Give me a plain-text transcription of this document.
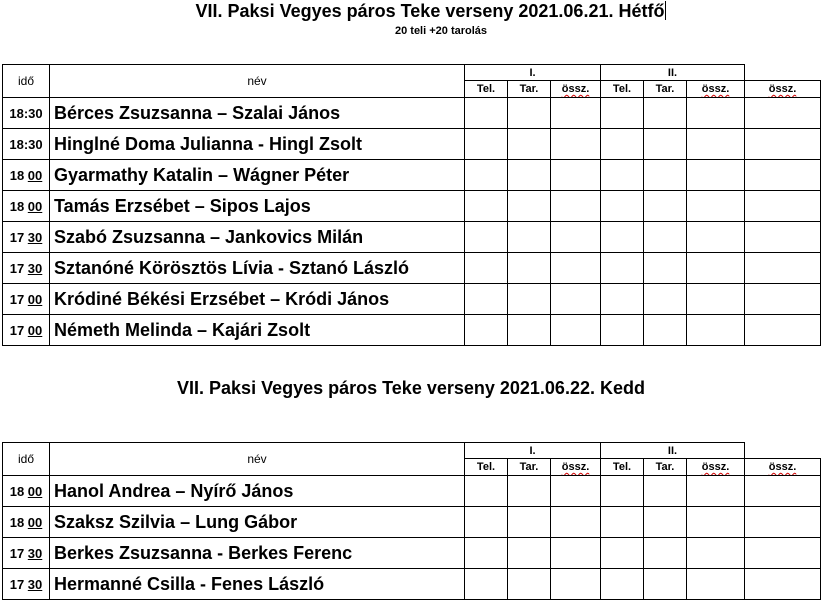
VII. Paksi Vegyes páros Teke verseny 2021.06.21. Hétfő
20 teli +20 tarolás
idő	név	I.			II.			
		Tel.	Tar.	össz.	Tel.	Tar.	össz.	össz.
18:30	Bérces Zsuzsanna – Szalai János							
18:30	Hinglné Doma Julianna - Hingl Zsolt							
18 00	Gyarmathy Katalin – Wágner Péter							
18 00	Tamás Erzsébet – Sipos Lajos							
17 30	Szabó Zsuzsanna – Jankovics Milán							
17 30	Sztanóné Körösztös Lívia - Sztanó László							
17 00	Kródiné Békési Erzsébet – Kródi János							
17 00	Németh Melinda – Kajári Zsolt							
VII. Paksi Vegyes páros Teke verseny 2021.06.22. Kedd
idő	név	I.			II.			
		Tel.	Tar.	össz.	Tel.	Tar.	össz.	össz.
18 00	Hanol Andrea – Nyírő János							
18 00	Szaksz Szilvia – Lung Gábor							
17 30	Berkes Zsuzsanna - Berkes Ferenc							
17 30	Hermanné Csilla - Fenes László							
